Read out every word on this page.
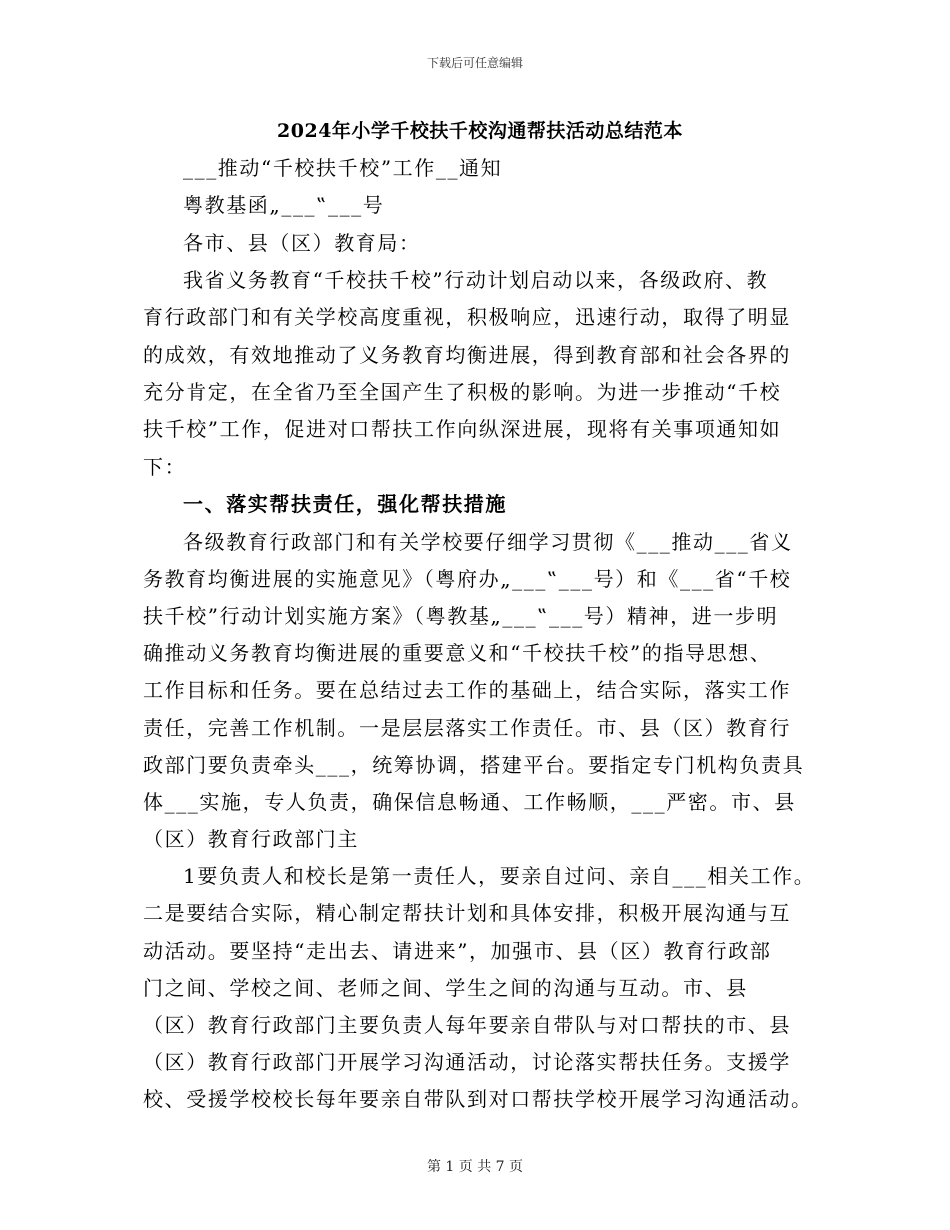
下载后可任意编辑
2024年小学千校扶千校沟通帮扶活动总结范本
___推动“千校扶千校”工作__通知
粤教基函„___‟___号
各市、县（区）教育局：
我省义务教育“千校扶千校”行动计划启动以来，各级政府、教
育行政部门和有关学校高度重视，积极响应，迅速行动，取得了明显
的成效，有效地推动了义务教育均衡进展，得到教育部和社会各界的
充分肯定，在全省乃至全国产生了积极的影响。为进一步推动“千校
扶千校”工作，促进对口帮扶工作向纵深进展，现将有关事项通知如
下：
一、落实帮扶责任，强化帮扶措施
各级教育行政部门和有关学校要仔细学习贯彻《___推动___省义
务教育均衡进展的实施意见》（粤府办„___‟___号）和《___省“千校
扶千校”行动计划实施方案》（粤教基„___‟___号）精神，进一步明
确推动义务教育均衡进展的重要意义和“千校扶千校”的指导思想、
工作目标和任务。要在总结过去工作的基础上，结合实际，落实工作
责任，完善工作机制。一是层层落实工作责任。市、县（区）教育行
政部门要负责牵头___，统筹协调，搭建平台。要指定专门机构负责具
体___实施，专人负责，确保信息畅通、工作畅顺，___严密。市、县
（区）教育行政部门主
1要负责人和校长是第一责任人，要亲自过问、亲自___相关工作。
二是要结合实际，精心制定帮扶计划和具体安排，积极开展沟通与互
动活动。要坚持“走出去、请进来”，加强市、县（区）教育行政部
门之间、学校之间、老师之间、学生之间的沟通与互动。市、县
（区）教育行政部门主要负责人每年要亲自带队与对口帮扶的市、县
（区）教育行政部门开展学习沟通活动，讨论落实帮扶任务。支援学
校、受援学校校长每年要亲自带队到对口帮扶学校开展学习沟通活动。
第 1 页 共 7 页
